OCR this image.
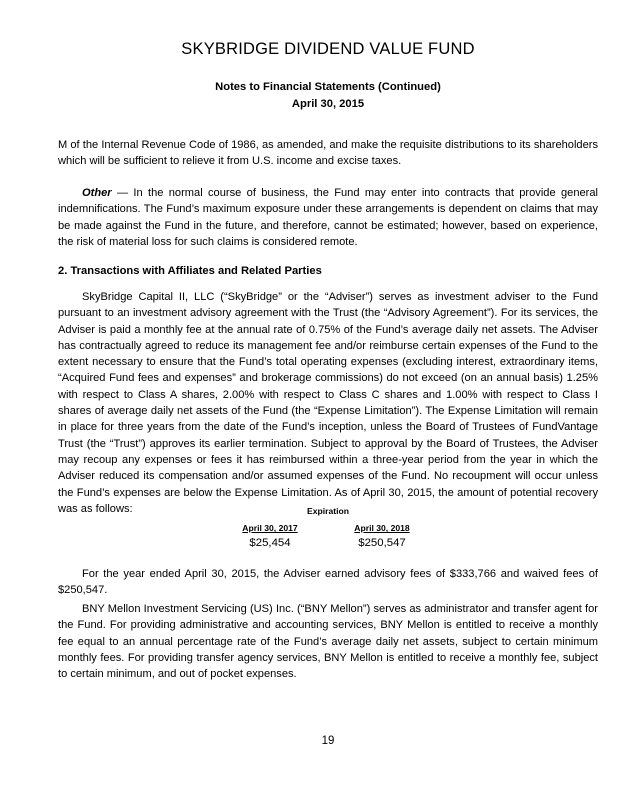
SKYBRIDGE DIVIDEND VALUE FUND
Notes to Financial Statements (Continued)
April 30, 2015

M of the Internal Revenue Code of 1986, as amended, and make the requisite distributions to its shareholders which will be sufficient to relieve it from U.S. income and excise taxes.

Other — In the normal course of business, the Fund may enter into contracts that provide general indemnifications. The Fund’s maximum exposure under these arrangements is dependent on claims that may be made against the Fund in the future, and therefore, cannot be estimated; however, based on experience, the risk of material loss for such claims is considered remote.

2. Transactions with Affiliates and Related Parties

SkyBridge Capital II, LLC (“SkyBridge” or the “Adviser”) serves as investment adviser to the Fund pursuant to an investment advisory agreement with the Trust (the “Advisory Agreement”). For its services, the Adviser is paid a monthly fee at the annual rate of 0.75% of the Fund’s average daily net assets. The Adviser has contractually agreed to reduce its management fee and/or reimburse certain expenses of the Fund to the extent necessary to ensure that the Fund’s total operating expenses (excluding interest, extraordinary items, “Acquired Fund fees and expenses” and brokerage commissions) do not exceed (on an annual basis) 1.25% with respect to Class A shares, 2.00% with respect to Class C shares and 1.00% with respect to Class I shares of average daily net assets of the Fund (the “Expense Limitation”). The Expense Limitation will remain in place for three years from the date of the Fund’s inception, unless the Board of Trustees of FundVantage Trust (the “Trust”) approves its earlier termination. Subject to approval by the Board of Trustees, the Adviser may recoup any expenses or fees it has reimbursed within a three-year period from the year in which the Adviser reduced its compensation and/or assumed expenses of the Fund. No recoupment will occur unless the Fund’s expenses are below the Expense Limitation. As of April 30, 2015, the amount of potential recovery was as follows:	Expiration
April 30, 2017
$25,454
April 30, 2018
$250,547

For the year ended April 30, 2015, the Adviser earned advisory fees of $333,766 and waived fees of $250,547.

BNY Mellon Investment Servicing (US) Inc. (“BNY Mellon”) serves as administrator and transfer agent for the Fund. For providing administrative and accounting services, BNY Mellon is entitled to receive a monthly fee equal to an annual percentage rate of the Fund’s average daily net assets, subject to certain minimum monthly fees. For providing transfer agency services, BNY Mellon is entitled to receive a monthly fee, subject to certain minimum, and out of pocket expenses.

19
